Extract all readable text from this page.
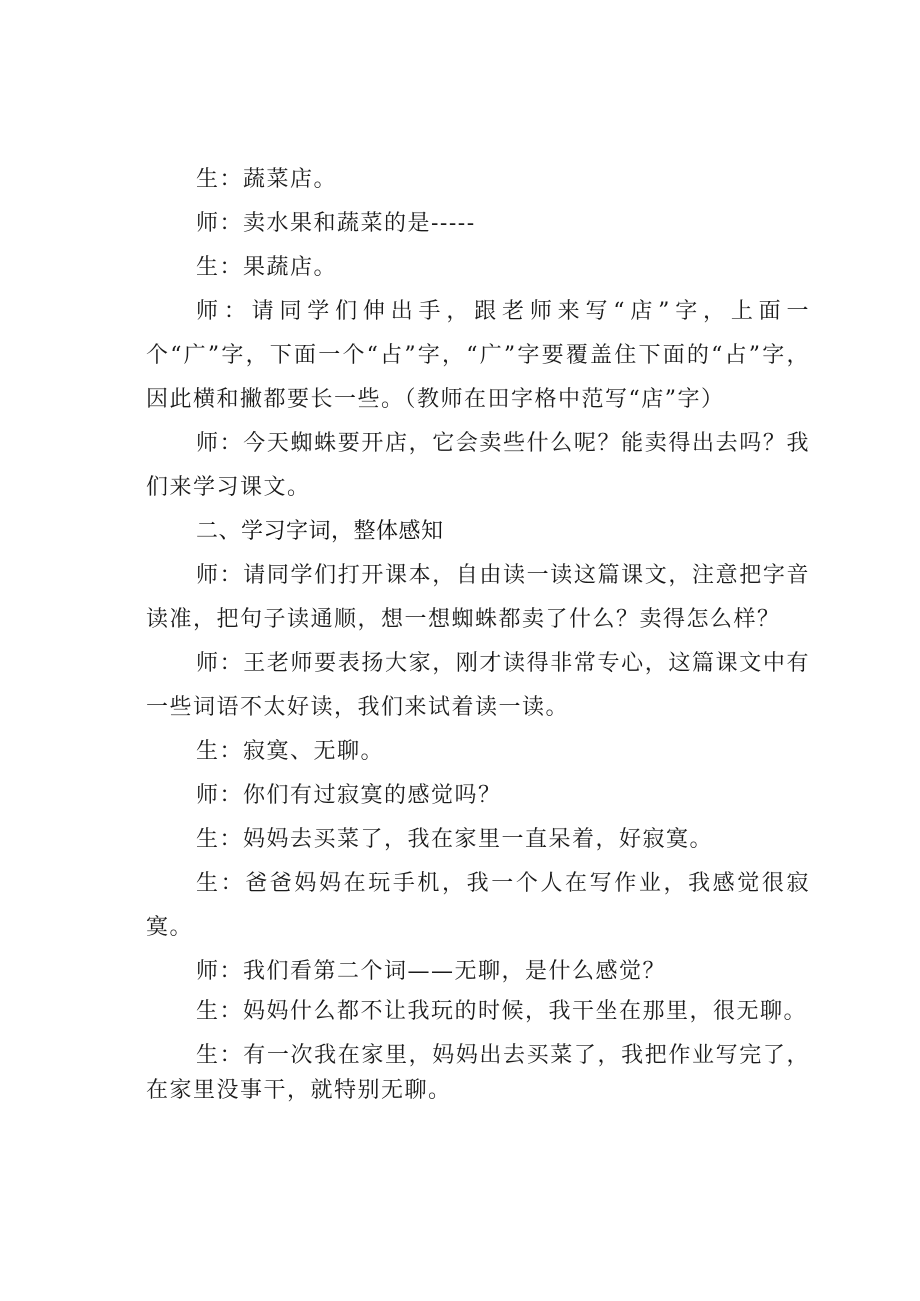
生：蔬菜店。

师：卖水果和蔬菜的是-----

生：果蔬店。

师：请同学们伸出手，跟老师来写“店”字，上面一个“广”字，下面一个“占”字，“广”字要覆盖住下面的“占”字，因此横和撇都要长一些。（教师在田字格中范写“店”字）

师：今天蜘蛛要开店，它会卖些什么呢？能卖得出去吗？我们来学习课文。

二、学习字词，整体感知

师：请同学们打开课本，自由读一读这篇课文，注意把字音读准，把句子读通顺，想一想蜘蛛都卖了什么？卖得怎么样？

师：王老师要表扬大家，刚才读得非常专心，这篇课文中有一些词语不太好读，我们来试着读一读。

生：寂寞、无聊。

师：你们有过寂寞的感觉吗？

生：妈妈去买菜了，我在家里一直呆着，好寂寞。

生：爸爸妈妈在玩手机，我一个人在写作业，我感觉很寂寞。

师：我们看第二个词——无聊，是什么感觉？

生：妈妈什么都不让我玩的时候，我干坐在那里，很无聊。

生：有一次我在家里，妈妈出去买菜了，我把作业写完了，在家里没事干，就特别无聊。
